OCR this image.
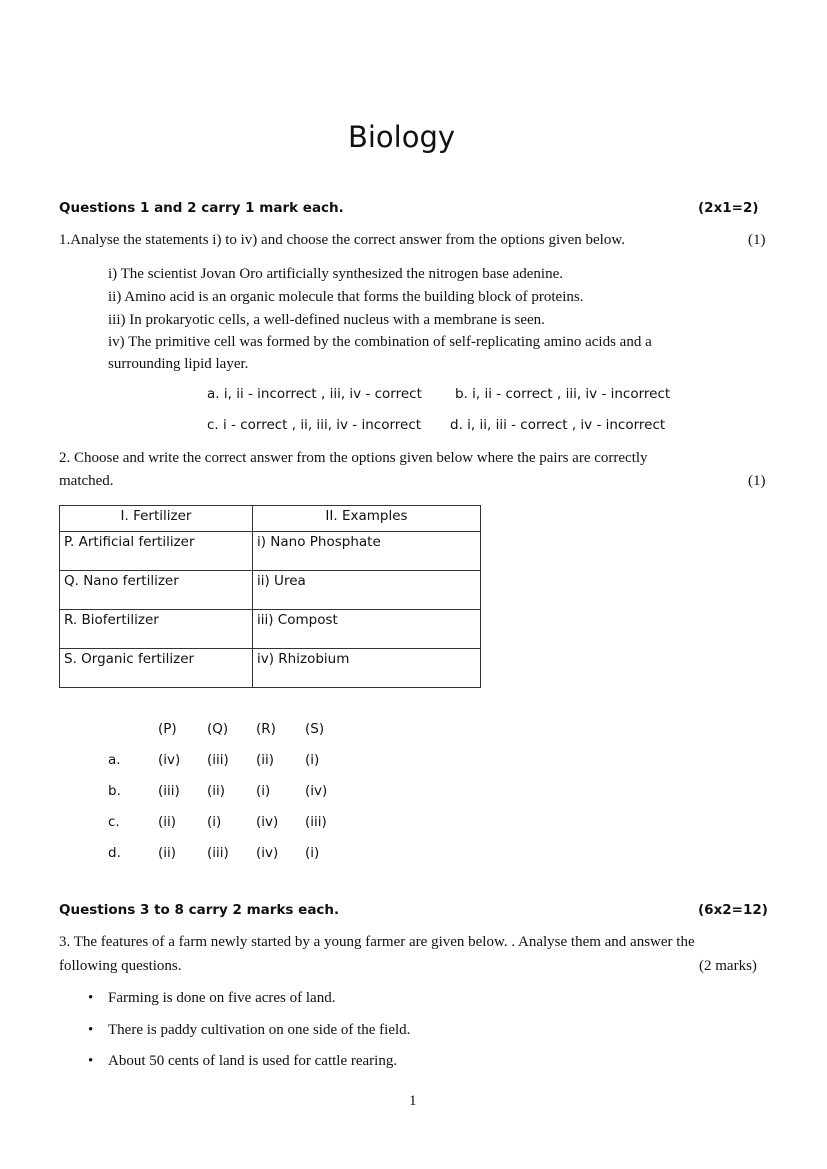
Biology
Questions 1 and 2 carry 1 mark each.	(2x1=2)
1.Analyse the statements i) to iv) and choose the correct answer from the options given below.	(1)
i) The scientist Jovan Oro artificially synthesized the nitrogen base adenine.
ii) Amino acid is an organic molecule that forms the building block of proteins.
iii) In prokaryotic cells, a well-defined nucleus with a membrane is seen.
iv) The primitive cell was formed by the combination of self-replicating amino acids and a
surrounding lipid layer.
a. i, ii - incorrect , iii, iv - correct b. i, ii - correct , iii, iv - incorrect
c. i - correct , ii, iii, iv - incorrect d. i, ii, iii - correct , iv - incorrect
2. Choose and write the correct answer from the options given below where the pairs are correctly
matched.	(1)
I. Fertilizer	II. Examples
P. Artificial fertilizer	i) Nano Phosphate
Q. Nano fertilizer	ii) Urea
R. Biofertilizer	iii) Compost
S. Organic fertilizer	iv) Rhizobium
	(P)	(Q)	(R)	(S)
a.	(iv)	(iii)	(ii)	(i)
b.	(iii)	(ii)	(i)	(iv)
c.	(ii)	(i)	(iv)	(iii)
d.	(ii)	(iii)	(iv)	(i)
Questions 3 to 8 carry 2 marks each.	(6x2=12)
3. The features of a farm newly started by a young farmer are given below. . Analyse them and answer the
following questions.	(2 marks)
• Farming is done on five acres of land.
• There is paddy cultivation on one side of the field.
• About 50 cents of land is used for cattle rearing.
1
